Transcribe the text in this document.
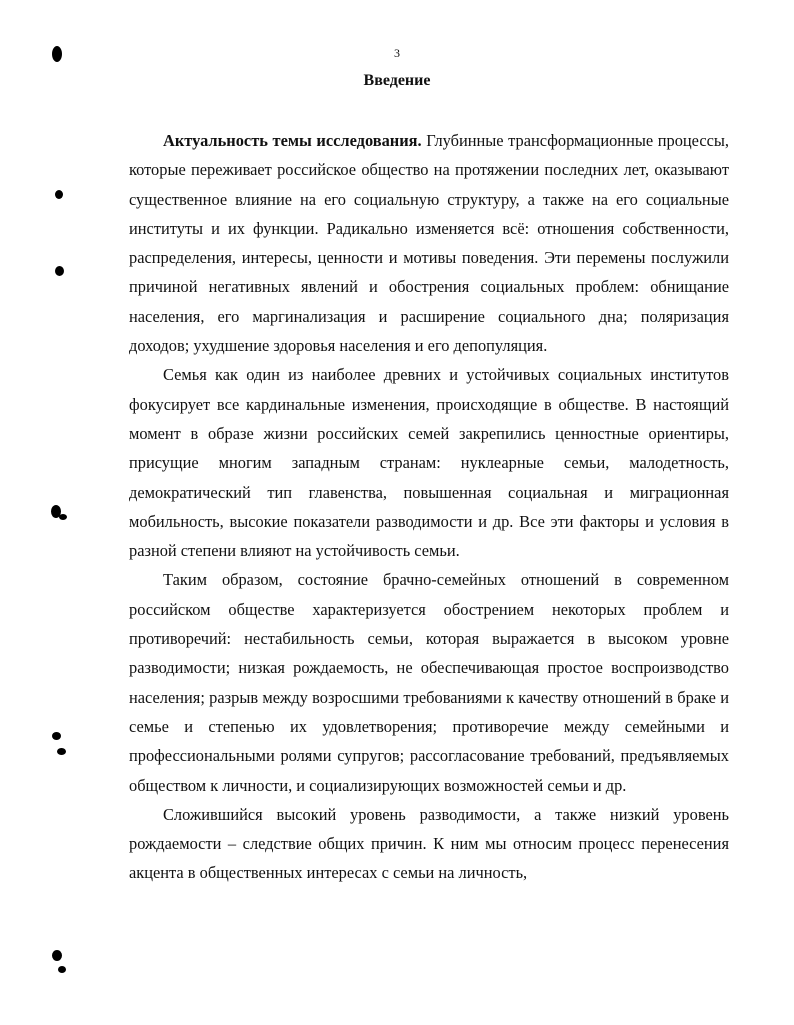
3
Введение

Актуальность темы исследования. Глубинные трансформационные процессы, которые переживает российское общество на протяжении последних лет, оказывают существенное влияние на его социальную структуру, а также на его социальные институты и их функции. Радикально изменяется всё: отношения собственности, распределения, интересы, ценности и мотивы поведения. Эти перемены послужили причиной негативных явлений и обострения социальных проблем: обнищание населения, его маргинализация и расширение социального дна; поляризация доходов; ухудшение здоровья населения и его депопуляция.

Семья как один из наиболее древних и устойчивых социальных институтов фокусирует все кардинальные изменения, происходящие в обществе. В настоящий момент в образе жизни российских семей закрепились ценностные ориентиры, присущие многим западным странам: нуклеарные семьи, малодетность, демократический тип главенства, повышенная социальная и миграционная мобильность, высокие показатели разводимости и др. Все эти факторы и условия в разной степени влияют на устойчивость семьи.

Таким образом, состояние брачно-семейных отношений в современном российском обществе характеризуется обострением некоторых проблем и противоречий: нестабильность семьи, которая выражается в высоком уровне разводимости; низкая рождаемость, не обеспечивающая простое воспроизводство населения; разрыв между возросшими требованиями к качеству отношений в браке и семье и степенью их удовлетворения; противоречие между семейными и профессиональными ролями супругов; рассогласование требований, предъявляемых обществом к личности, и социализирующих возможностей семьи и др.

Сложившийся высокий уровень разводимости, а также низкий уровень рождаемости – следствие общих причин. К ним мы относим процесс перенесения акцента в общественных интересах с семьи на личность,
